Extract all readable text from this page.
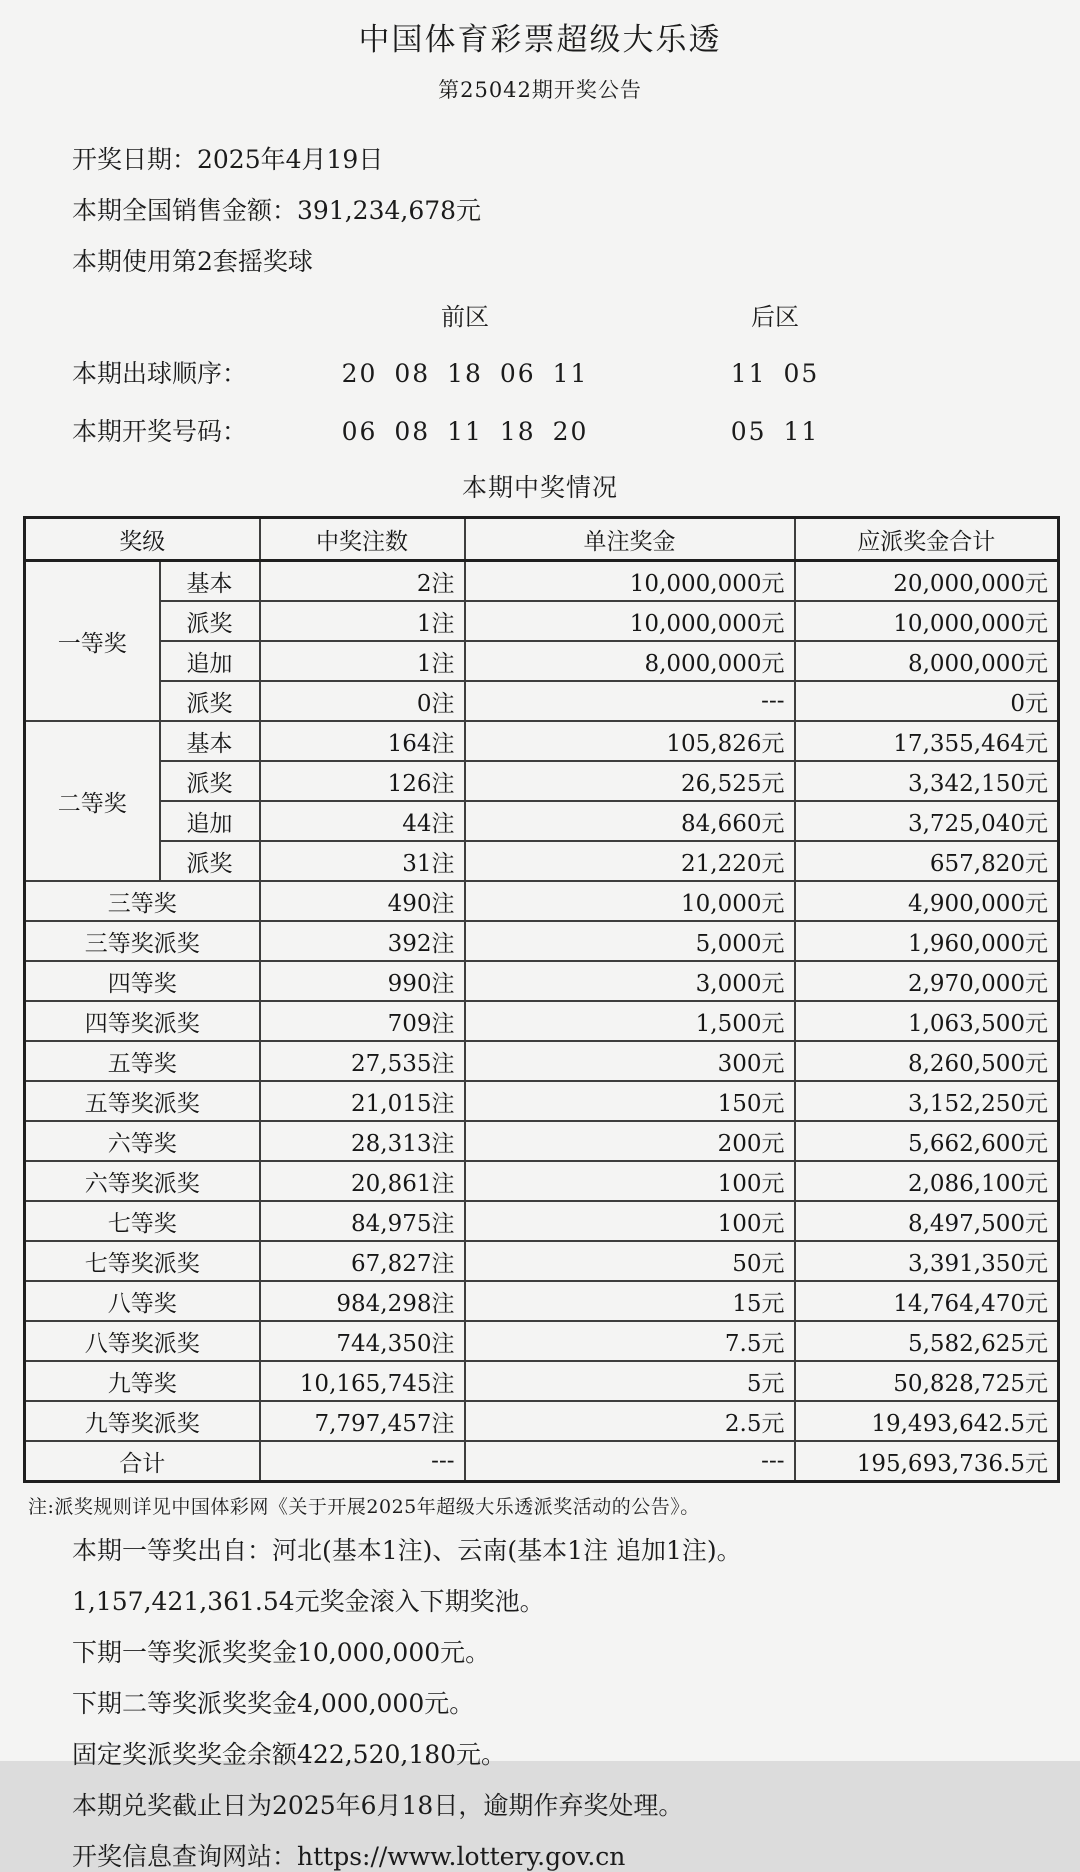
中国体育彩票超级大乐透
第25042期开奖公告

开奖日期：2025年4月19日

本期全国销售金额：391,234,678元

本期使用第2套摇奖球

前区	后区
本期出球顺序：	20 08 18 06 11	11 05
本期开奖号码：	06 08 11 18 20	05 11
本期中奖情况
奖级		中奖注数	单注奖金	应派奖金合计
一等奖	基本	2注	10,000,000元	20,000,000元
	派奖	1注	10,000,000元	10,000,000元
	追加	1注	8,000,000元	8,000,000元
	派奖	0注	---	0元
二等奖	基本	164注	105,826元	17,355,464元
	派奖	126注	26,525元	3,342,150元
	追加	44注	84,660元	3,725,040元
	派奖	31注	21,220元	657,820元
三等奖		490注	10,000元	4,900,000元
三等奖派奖		392注	5,000元	1,960,000元
四等奖		990注	3,000元	2,970,000元
四等奖派奖		709注	1,500元	1,063,500元
五等奖		27,535注	300元	8,260,500元
五等奖派奖		21,015注	150元	3,152,250元
六等奖		28,313注	200元	5,662,600元
六等奖派奖		20,861注	100元	2,086,100元
七等奖		84,975注	100元	8,497,500元
七等奖派奖		67,827注	50元	3,391,350元
八等奖		984,298注	15元	14,764,470元
八等奖派奖		744,350注	7.5元	5,582,625元
九等奖		10,165,745注	5元	50,828,725元
九等奖派奖		7,797,457注	2.5元	19,493,642.5元
合计		---	---	195,693,736.5元
注:派奖规则详见中国体彩网《关于开展2025年超级大乐透派奖活动的公告》。

本期一等奖出自：河北(基本1注)、云南(基本1注 追加1注)。

1,157,421,361.54元奖金滚入下期奖池。

下期一等奖派奖奖金10,000,000元。

下期二等奖派奖奖金4,000,000元。

固定奖派奖奖金余额422,520,180元。

本期兑奖截止日为2025年6月18日，逾期作弃奖处理。

开奖信息查询网站：https://www.lottery.gov.cn
